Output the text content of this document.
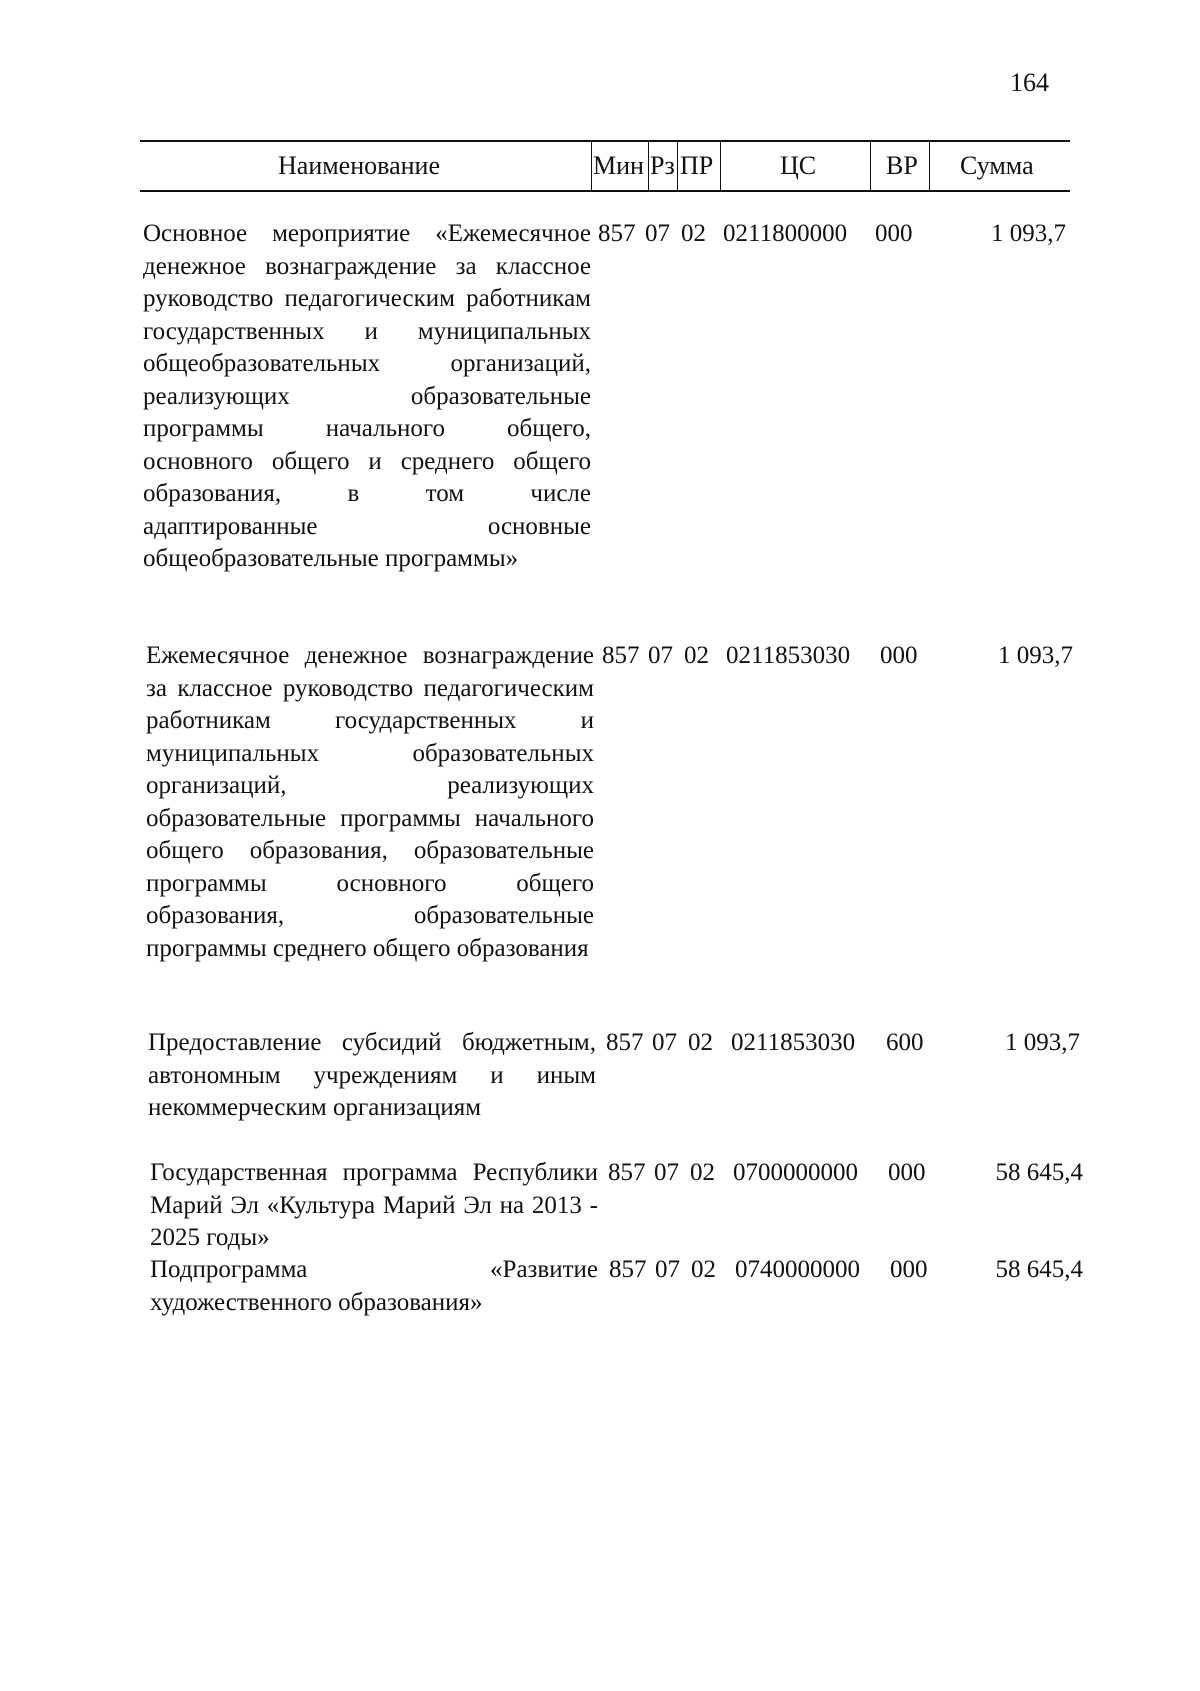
164
Наименование	Мин Рз ПР	ЦС	ВР Сумма
Основное мероприятие «Ежемесячное денежное вознаграждение за классное руководство педагогическим работникам государственных и муниципальных общеобразовательных организаций, реализующих образовательные программы начального общего, основного общего и среднего общего образования, в том числе адаптированные основные общеобразовательные программы»
857 07 02 0211800000 000	1 093,7
Ежемесячное денежное вознаграждение за классное руководство педагогическим работникам государственных и муниципальных образовательных организаций, реализующих образовательные программы начального общего образования, образовательные программы основного общего образования, образовательные программы среднего общего образования
857 07 02 0211853030 000	1 093,7
Предоставление субсидий бюджетным, автономным учреждениям и иным некоммерческим организациям
857 07 02 0211853030 600	1 093,7
Государственная программа Республики Марий Эл «Культура Марий Эл на 2013 - 2025 годы»
857 07 02 0700000000 000	58 645,4
Подпрограмма «Развитие художественного образования»
857 07 02 0740000000 000	58 645,4
